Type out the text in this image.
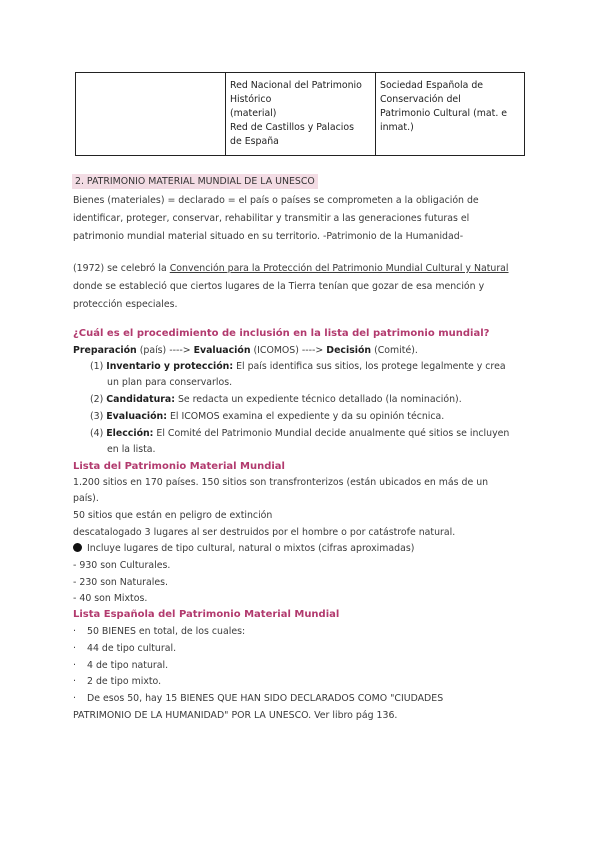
Red Nacional del Patrimonio
Histórico
(material)
Red de Castillos y Palacios
de España
Sociedad Española de
Conservación del
Patrimonio Cultural (mat. e
inmat.)
2. PATRIMONIO MATERIAL MUNDIAL DE LA UNESCO
Bienes (materiales) = declarado = el país o países se comprometen a la obligación de
identificar, proteger, conservar, rehabilitar y transmitir a las generaciones futuras el
patrimonio mundial material situado en su territorio. -Patrimonio de la Humanidad-
(1972) se celebró la Convención para la Protección del Patrimonio Mundial Cultural y Natural
donde se estableció que ciertos lugares de la Tierra tenían que gozar de esa mención y
protección especiales.
¿Cuál es el procedimiento de inclusión en la lista del patrimonio mundial?
Preparación (país) ----> Evaluación (ICOMOS) ----> Decisión (Comité).
(1) Inventario y protección: El país identifica sus sitios, los protege legalmente y crea
un plan para conservarlos.
(2) Candidatura: Se redacta un expediente técnico detallado (la nominación).
(3) Evaluación: El ICOMOS examina el expediente y da su opinión técnica.
(4) Elección: El Comité del Patrimonio Mundial decide anualmente qué sitios se incluyen
en la lista.
Lista del Patrimonio Material Mundial
1.200 sitios en 170 países. 150 sitios son transfronterizos (están ubicados en más de un
país).
50 sitios que están en peligro de extinción
descatalogado 3 lugares al ser destruidos por el hombre o por catástrofe natural.
Incluye lugares de tipo cultural, natural o mixtos (cifras aproximadas)
- 930 son Culturales.
- 230 son Naturales.
- 40 son Mixtos.
Lista Española del Patrimonio Material Mundial
· 50 BIENES en total, de los cuales:
· 44 de tipo cultural.
· 4 de tipo natural.
· 2 de tipo mixto.
· De esos 50, hay 15 BIENES QUE HAN SIDO DECLARADOS COMO "CIUDADES
PATRIMONIO DE LA HUMANIDAD" POR LA UNESCO. Ver libro pág 136.
